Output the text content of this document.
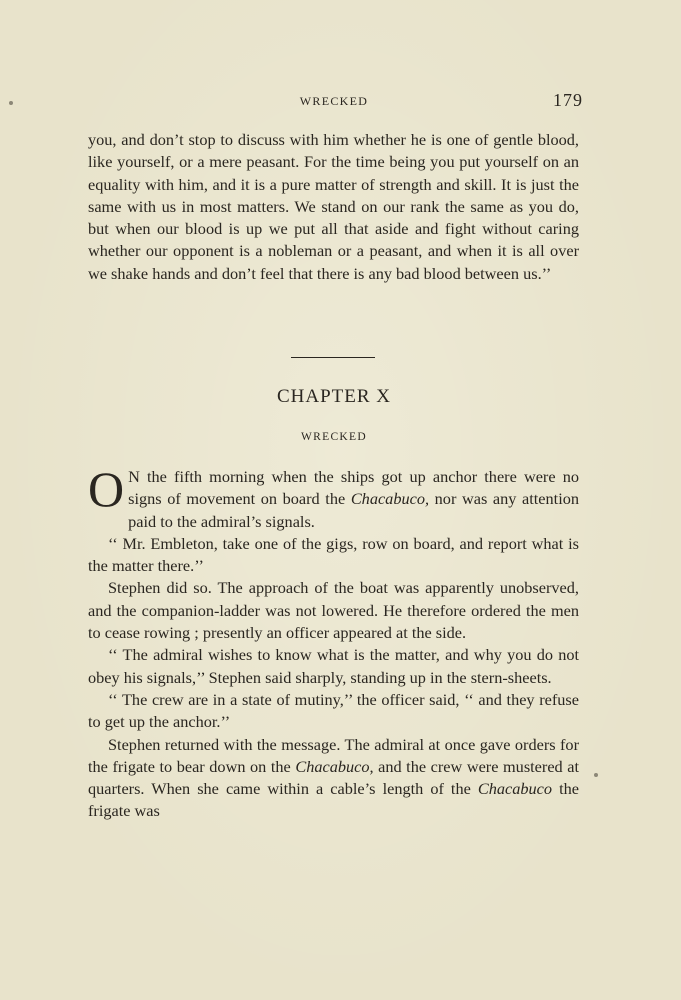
WRECKED	179

you, and don’t stop to discuss with him whether he is one of gentle blood, like yourself, or a mere peasant. For the time being you put yourself on an equality with him, and it is a pure matter of strength and skill. It is just the same with us in most matters. We stand on our rank the same as you do, but when our blood is up we put all that aside and fight without caring whether our opponent is a nobleman or a peasant, and when it is all over we shake hands and don’t feel that there is any bad blood between us.’’

CHAPTER X
WRECKED

O N the fifth morning when the ships got up anchor there were no signs of movement on board the Chacabuco, nor was any attention paid to the admiral’s signals.

‘‘ Mr. Embleton, take one of the gigs, row on board, and report what is the matter there.’’

Stephen did so. The approach of the boat was apparently unobserved, and the companion-ladder was not lowered. He therefore ordered the men to cease rowing ; presently an officer appeared at the side.

‘‘ The admiral wishes to know what is the matter, and why you do not obey his signals,’’ Stephen said sharply, standing up in the stern-sheets.

‘‘ The crew are in a state of mutiny,’’ the officer said, ‘‘ and they refuse to get up the anchor.’’

Stephen returned with the message. The admiral at once gave orders for the frigate to bear down on the Chacabuco, and the crew were mustered at quarters. When she came within a cable’s length of the Chacabuco the frigate was
